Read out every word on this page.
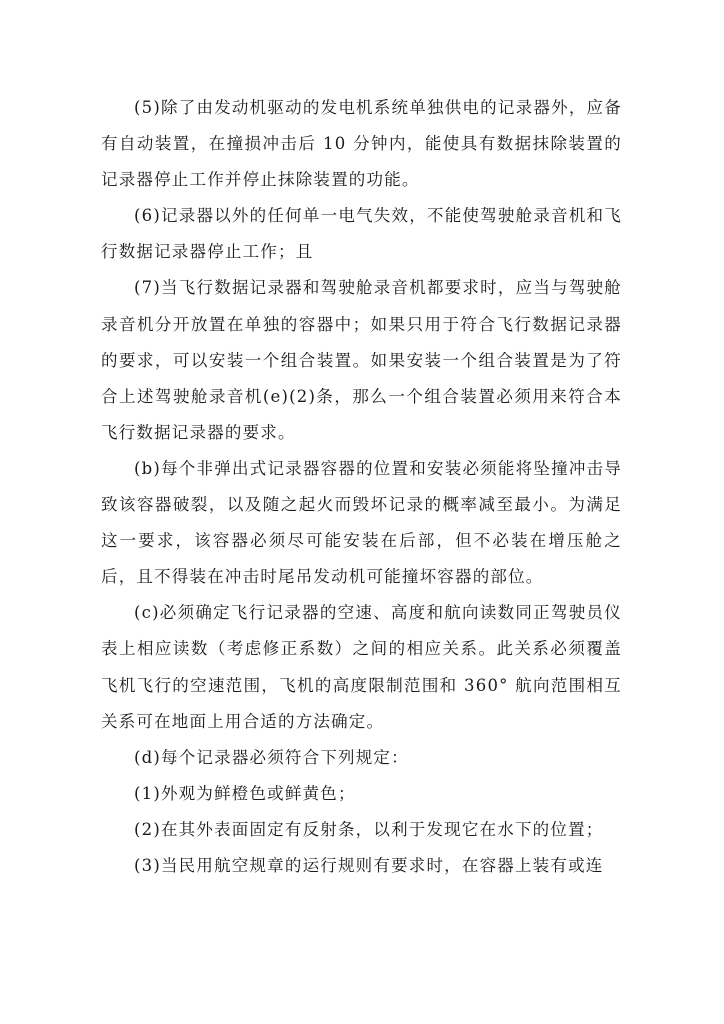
(5)除了由发动机驱动的发电机系统单独供电的记录器外，应备有自动装置，在撞损冲击后 10 分钟内，能使具有数据抹除装置的记录器停止工作并停止抹除装置的功能。

(6)记录器以外的任何单一电气失效，不能使驾驶舱录音机和飞行数据记录器停止工作；且

(7)当飞行数据记录器和驾驶舱录音机都要求时，应当与驾驶舱录音机分开放置在单独的容器中；如果只用于符合飞行数据记录器的要求，可以安装一个组合装置。如果安装一个组合装置是为了符合上述驾驶舱录音机(e)(2)条，那么一个组合装置必须用来符合本飞行数据记录器的要求。

(b)每个非弹出式记录器容器的位置和安装必须能将坠撞冲击导致该容器破裂，以及随之起火而毁坏记录的概率减至最小。为满足这一要求，该容器必须尽可能安装在后部，但不必装在增压舱之后，且不得装在冲击时尾吊发动机可能撞坏容器的部位。

(c)必须确定飞行记录器的空速、高度和航向读数同正驾驶员仪表上相应读数（考虑修正系数）之间的相应关系。此关系必须覆盖飞机飞行的空速范围，飞机的高度限制范围和 360° 航向范围相互关系可在地面上用合适的方法确定。

(d)每个记录器必须符合下列规定：

(1)外观为鲜橙色或鲜黄色；

(2)在其外表面固定有反射条，以利于发现它在水下的位置；

(3)当民用航空规章的运行规则有要求时，在容器上装有或连
